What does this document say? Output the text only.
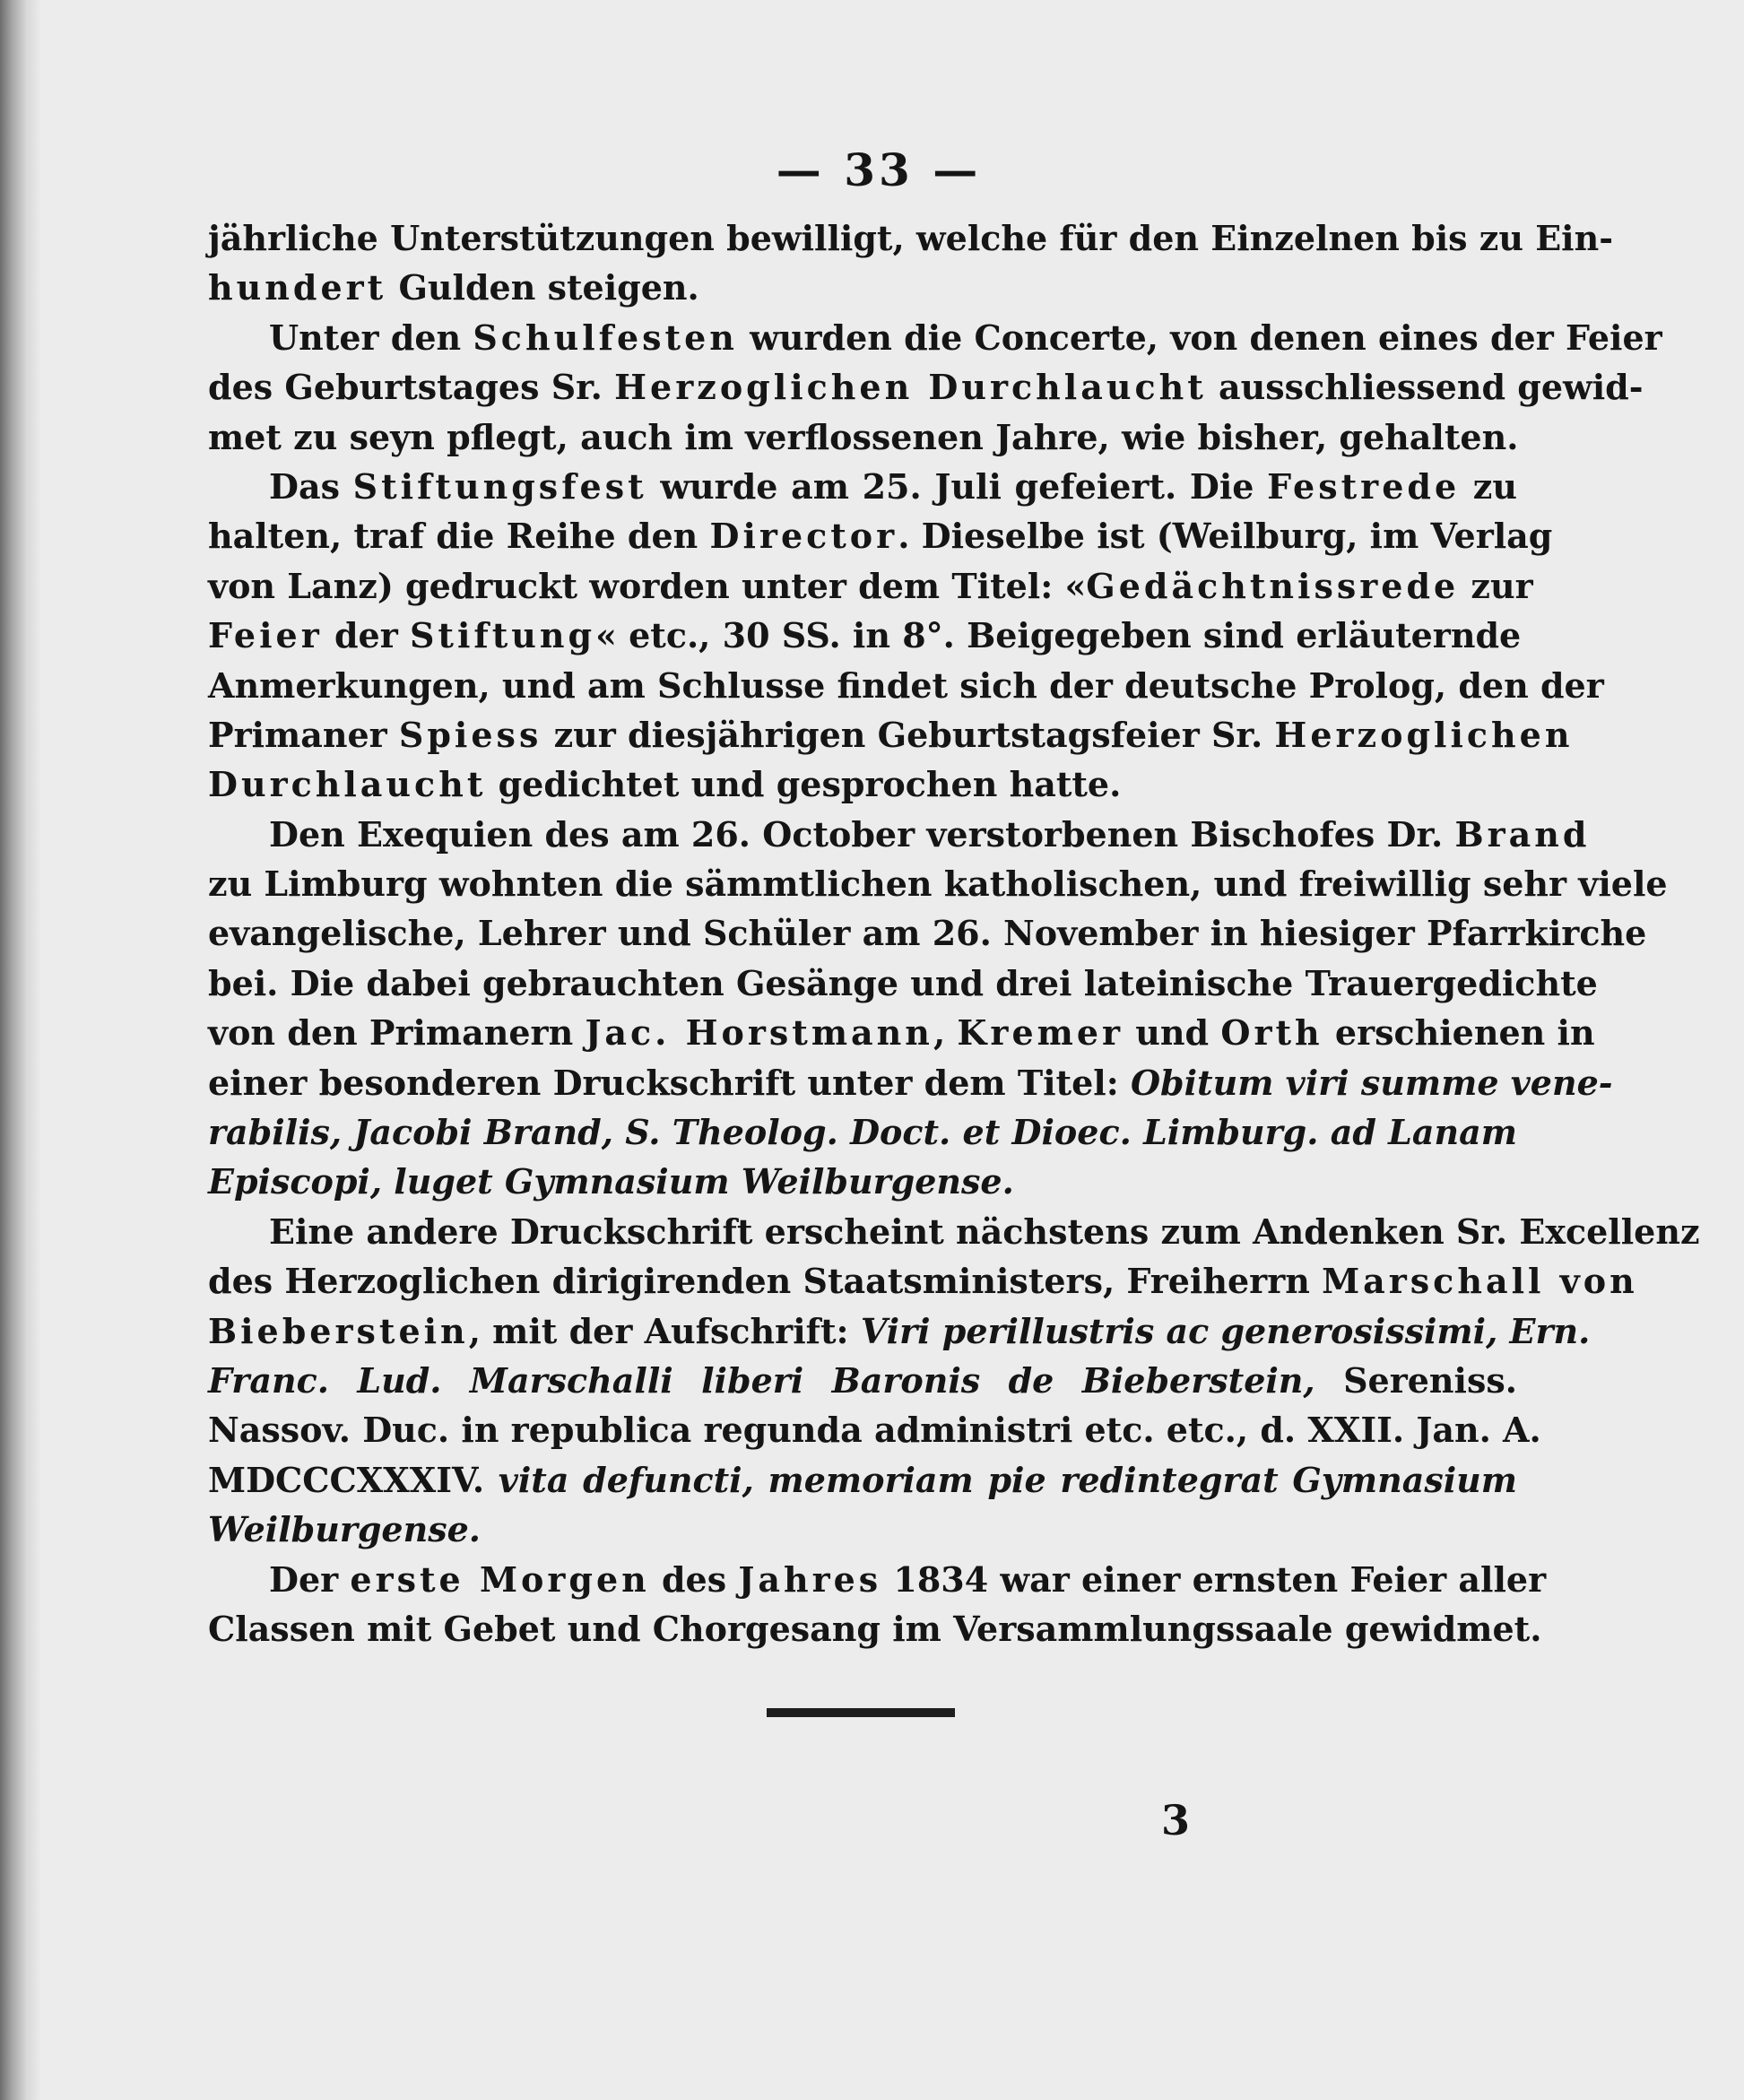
— 33 —
jährliche Unterstützungen bewilligt, welche für den Einzelnen bis zu Ein-
hundert Gulden steigen.
Unter den Schulfesten wurden die Concerte, von denen eines der Feier
des Geburtstages Sr. Herzoglichen Durchlaucht ausschliessend gewid-
met zu seyn pflegt, auch im verflossenen Jahre, wie bisher, gehalten.
Das Stiftungsfest wurde am 25. Juli gefeiert. Die Festrede zu
halten, traf die Reihe den Director. Dieselbe ist (Weilburg, im Verlag
von Lanz) gedruckt worden unter dem Titel: «Gedächtnissrede zur
Feier der Stiftung« etc., 30 SS. in 8°. Beigegeben sind erläuternde
Anmerkungen, und am Schlusse findet sich der deutsche Prolog, den der
Primaner Spiess zur diesjährigen Geburtstagsfeier Sr. Herzoglichen
Durchlaucht gedichtet und gesprochen hatte.
Den Exequien des am 26. October verstorbenen Bischofes Dr. Brand
zu Limburg wohnten die sämmtlichen katholischen, und freiwillig sehr viele
evangelische, Lehrer und Schüler am 26. November in hiesiger Pfarrkirche
bei. Die dabei gebrauchten Gesänge und drei lateinische Trauergedichte
von den Primanern Jac. Horstmann, Kremer und Orth erschienen in
einer besonderen Druckschrift unter dem Titel: Obitum viri summe vene-
rabilis, Jacobi Brand, S. Theolog. Doct. et Dioec. Limburg. ad Lanam
Episcopi, luget Gymnasium Weilburgense.
Eine andere Druckschrift erscheint nächstens zum Andenken Sr. Excellenz
des Herzoglichen dirigirenden Staatsministers, Freiherrn Marschall von
Bieberstein, mit der Aufschrift: Viri perillustris ac generosissimi, Ern.
Franc. Lud. Marschalli liberi Baronis de Bieberstein, Sereniss.
Nassov. Duc. in republica regunda administri etc. etc., d. XXII. Jan. A.
MDCCCXXXIV. vita defuncti, memoriam pie redintegrat Gymnasium
Weilburgense.
Der erste Morgen des Jahres 1834 war einer ernsten Feier aller
Classen mit Gebet und Chorgesang im Versammlungssaale gewidmet.
3
